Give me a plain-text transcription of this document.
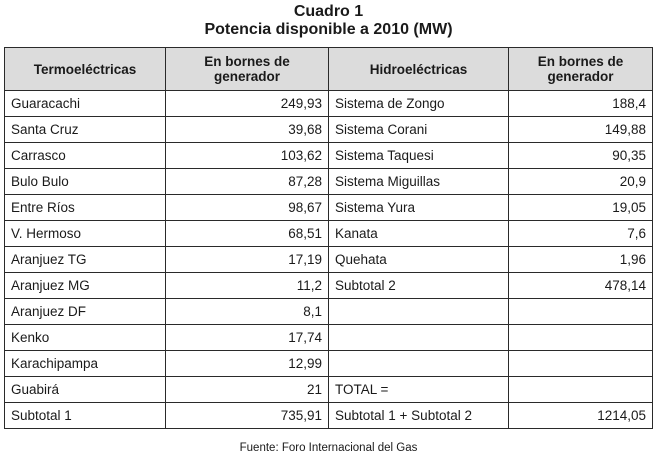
Cuadro 1
Potencia disponible a 2010 (MW)
Termoeléctricas	En bornes de generador	Hidroeléctricas	En bornes de generador
Guaracachi	249,93	Sistema de Zongo	188,4
Santa Cruz	39,68	Sistema Corani	149,88
Carrasco	103,62	Sistema Taquesi	90,35
Bulo Bulo	87,28	Sistema Miguillas	20,9
Entre Ríos	98,67	Sistema Yura	19,05
V. Hermoso	68,51	Kanata	7,6
Aranjuez TG	17,19	Quehata	1,96
Aranjuez MG	11,2	Subtotal 2	478,14
Aranjuez DF	8,1		
Kenko	17,74		
Karachipampa	12,99		
Guabirá	21	TOTAL =	
Subtotal 1	735,91	Subtotal 1 + Subtotal 2	1214,05
Fuente: Foro Internacional del Gas
